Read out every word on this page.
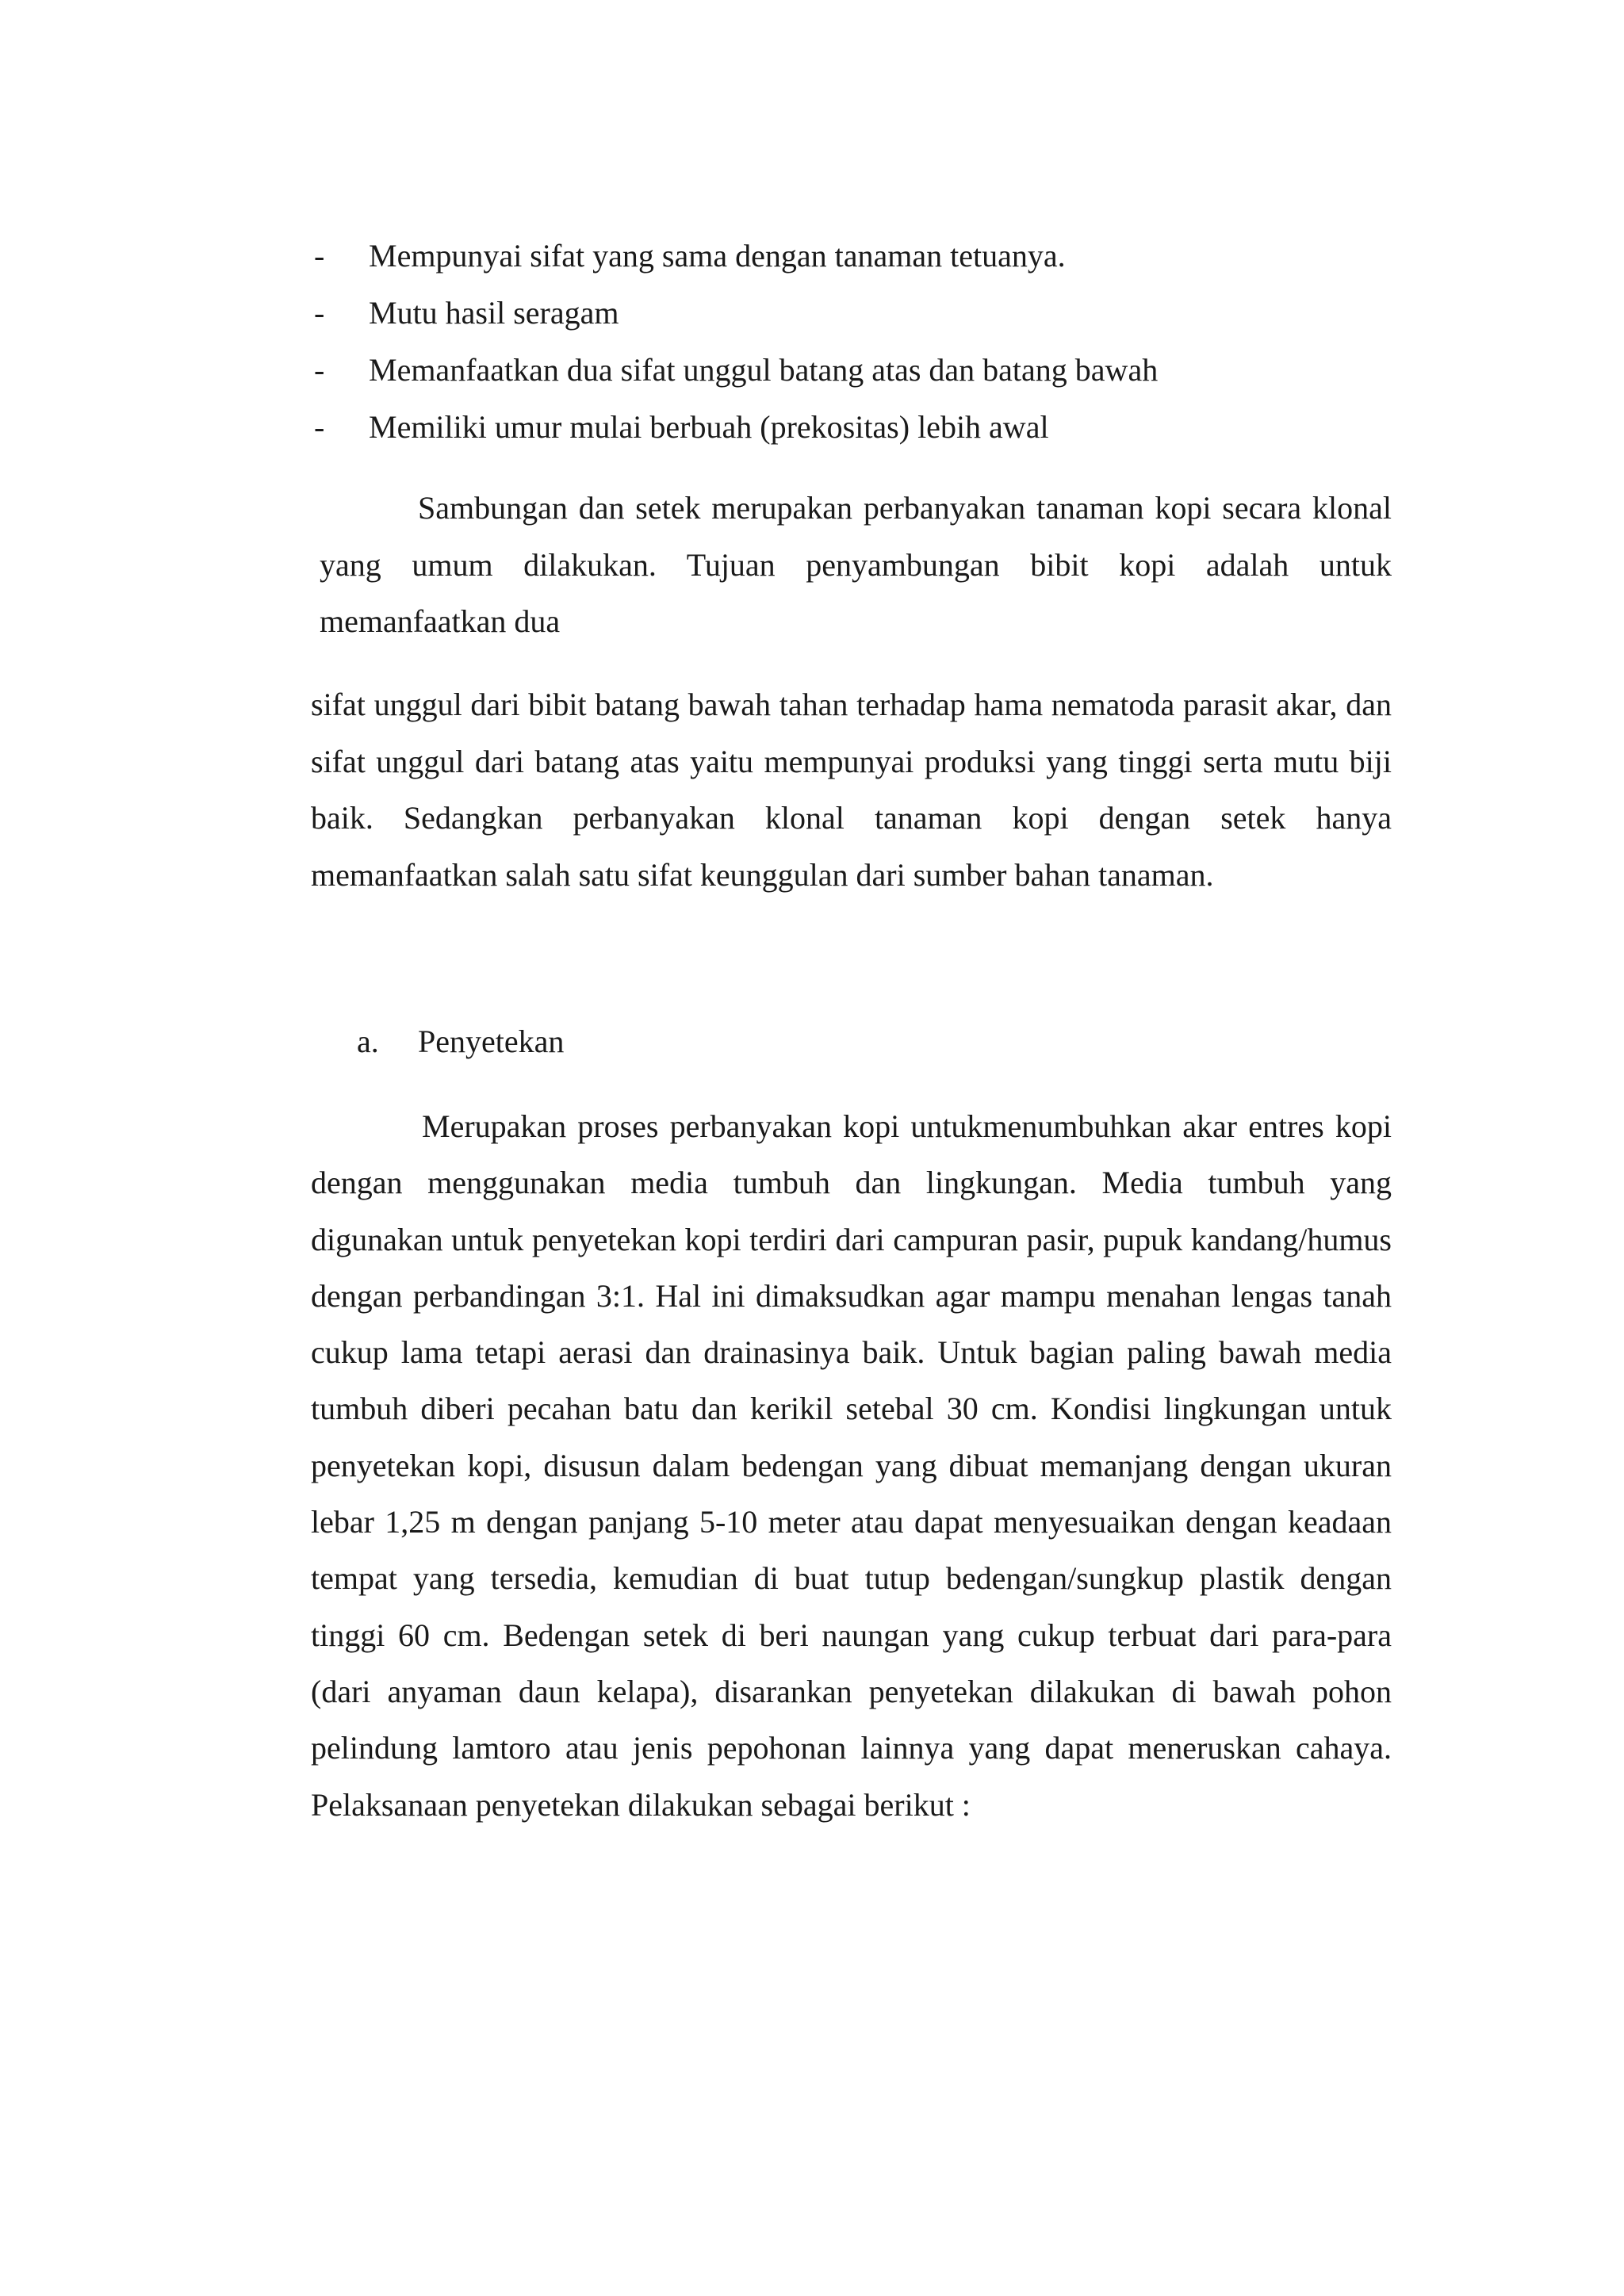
- Mempunyai sifat yang sama dengan tanaman tetuanya.
- Mutu hasil seragam
- Memanfaatkan dua sifat unggul batang atas dan batang bawah
- Memiliki umur mulai berbuah (prekositas) lebih awal

Sambungan dan setek merupakan perbanyakan tanaman kopi secara klonal yang umum dilakukan. Tujuan penyambungan bibit kopi adalah untuk memanfaatkan dua

sifat unggul dari bibit batang bawah tahan terhadap hama nematoda parasit akar, dan sifat unggul dari batang atas yaitu mempunyai produksi yang tinggi serta mutu biji baik. Sedangkan perbanyakan klonal tanaman kopi dengan setek hanya memanfaatkan salah satu sifat keunggulan dari sumber bahan tanaman.

a. Penyetekan

Merupakan proses perbanyakan kopi untukmenumbuhkan akar entres kopi dengan menggunakan media tumbuh dan lingkungan. Media tumbuh yang digunakan untuk penyetekan kopi terdiri dari campuran pasir, pupuk kandang/humus dengan perbandingan 3:1. Hal ini dimaksudkan agar mampu menahan lengas tanah cukup lama tetapi aerasi dan drainasinya baik. Untuk bagian paling bawah media tumbuh diberi pecahan batu dan kerikil setebal 30 cm. Kondisi lingkungan untuk penyetekan kopi, disusun dalam bedengan yang dibuat memanjang dengan ukuran lebar 1,25 m dengan panjang 5-10 meter atau dapat menyesuaikan dengan keadaan tempat yang tersedia, kemudian di buat tutup bedengan/sungkup plastik dengan tinggi 60 cm. Bedengan setek di beri naungan yang cukup terbuat dari para-para (dari anyaman daun kelapa), disarankan penyetekan dilakukan di bawah pohon pelindung lamtoro atau jenis pepohonan lainnya yang dapat meneruskan cahaya. Pelaksanaan penyetekan dilakukan sebagai berikut :
